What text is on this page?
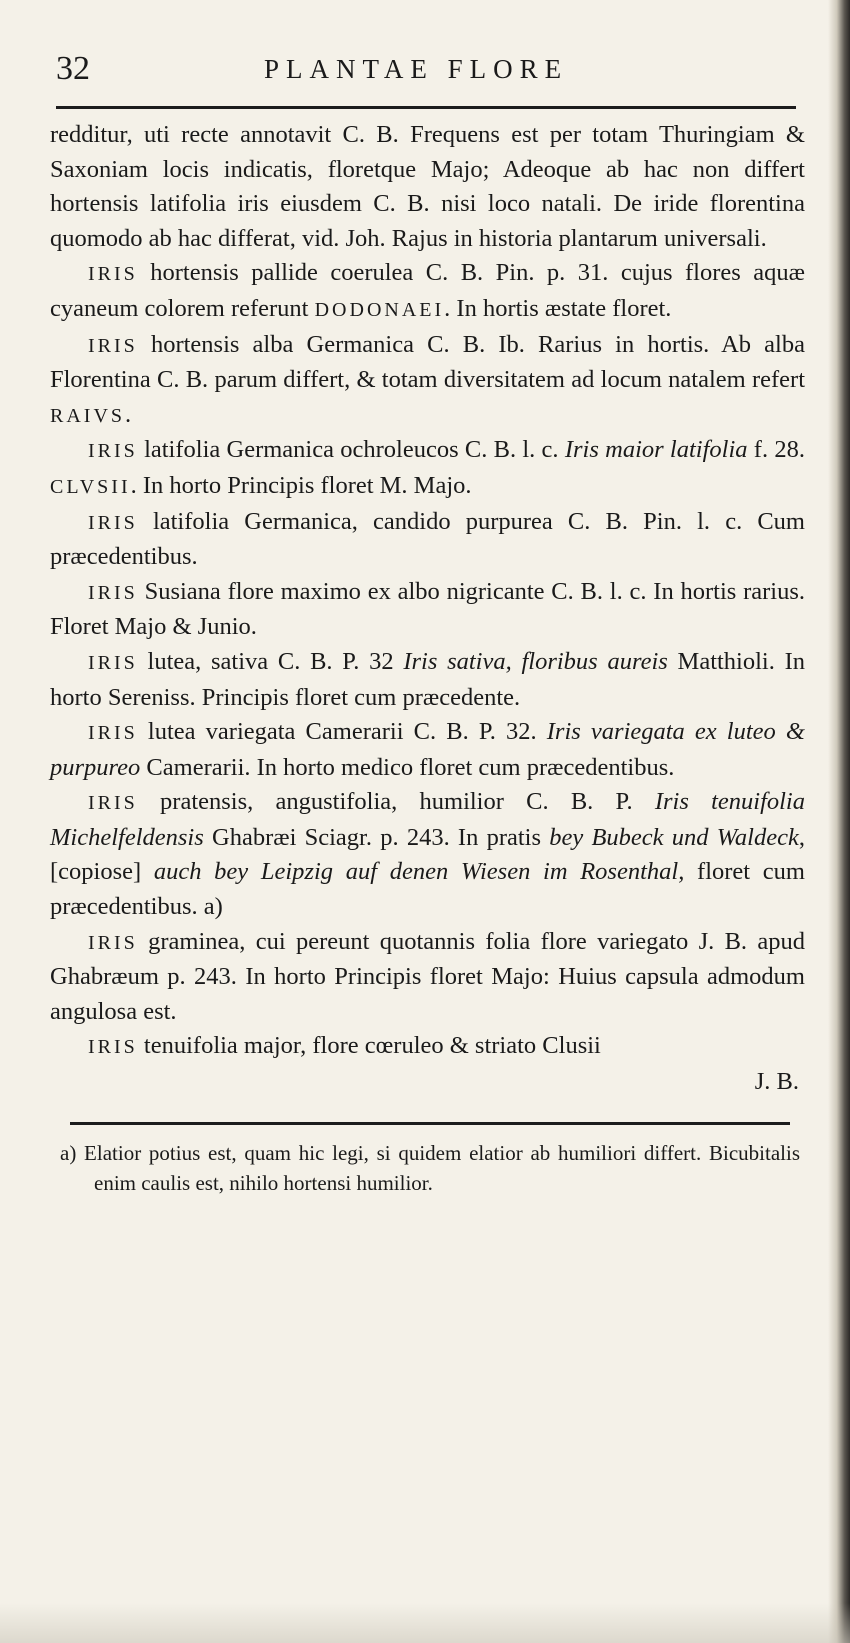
32	PLANTAE FLORE

redditur, uti recte annotavit C. B. Frequens est per totam Thuringiam & Saxoniam locis indicatis, floretque Majo; Adeoque ab hac non differt hortensis latifolia iris eiusdem C. B. nisi loco natali. De iride florentina quomodo ab hac differat, vid. Joh. Rajus in historia plantarum universali.

IRIS hortensis pallide coerulea C. B. Pin. p. 31. cujus flores aquæ cyaneum colorem referunt DODONAEI. In hortis æstate floret.

IRIS hortensis alba Germanica C. B. Ib. Rarius in hortis. Ab alba Florentina C. B. parum differt, & totam diversitatem ad locum natalem refert RAIVS.

IRIS latifolia Germanica ochroleucos C. B. l. c. Iris maior latifolia f. 28. CLVSII. In horto Principis floret M. Majo.

IRIS latifolia Germanica, candido purpurea C. B. Pin. l. c. Cum præcedentibus.

IRIS Susiana flore maximo ex albo nigricante C. B. l. c. In hortis rarius. Floret Majo & Junio.

IRIS lutea, sativa C. B. P. 32 Iris sativa, floribus aureis Matthioli. In horto Sereniss. Principis floret cum præcedente.

IRIS lutea variegata Camerarii C. B. P. 32. Iris variegata ex luteo & purpureo Camerarii. In horto medico floret cum præcedentibus.

IRIS pratensis, angustifolia, humilior C. B. P. Iris tenuifolia Michelfeldensis Ghabræi Sciagr. p. 243. In pratis bey Bubeck und Waldeck, [copiose] auch bey Leipzig auf denen Wiesen im Rosenthal, floret cum præcedentibus. a)

IRIS graminea, cui pereunt quotannis folia flore variegato J. B. apud Ghabræum p. 243. In horto Principis floret Majo: Huius capsula admodum angulosa est.

IRIS tenuifolia major, flore cœruleo & striato Clusii

J. B.

a) Elatior potius est, quam hic legi, si quidem elatior ab humiliori differt. Bicubitalis enim caulis est, nihilo hortensi humilior.
